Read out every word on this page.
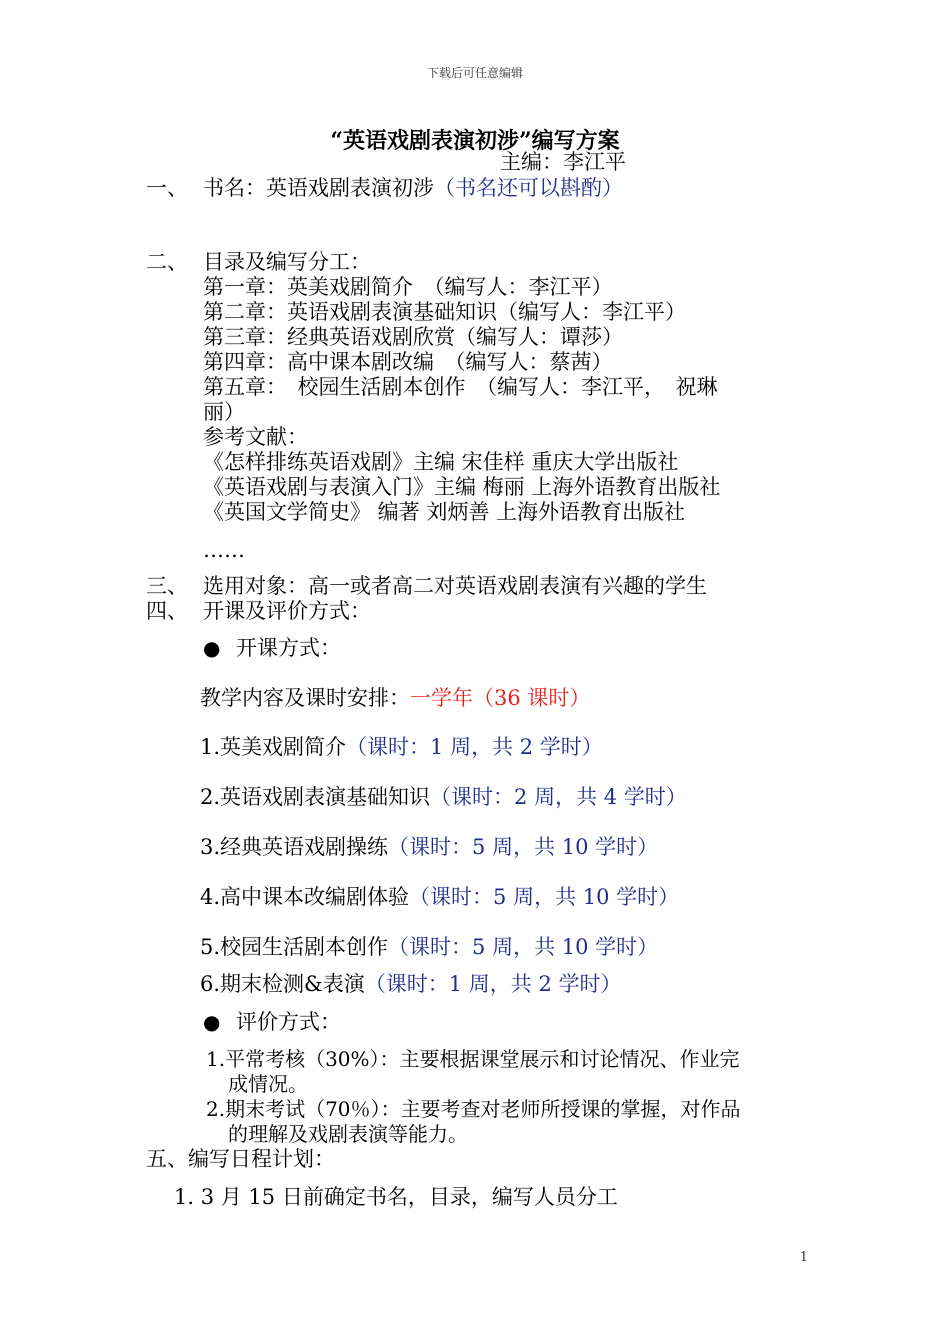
下载后可任意编辑
“英语戏剧表演初涉”编写方案
主编：李江平
一、 书名：英语戏剧表演初涉（书名还可以斟酌）
二、 目录及编写分工：
第一章：英美戏剧简介　（编写人：李江平）
第二章：英语戏剧表演基础知识（编写人：李江平）
第三章：经典英语戏剧欣赏（编写人：谭莎）
第四章：高中课本剧改编　（编写人：蔡茜）
第五章：　校园生活剧本创作　（编写人：李江平，　祝琳
丽）
参考文献：
《怎样排练英语戏剧》主编 宋佳样 重庆大学出版社
《英语戏剧与表演入门》主编 梅丽 上海外语教育出版社
《英国文学简史》 编著 刘炳善 上海外语教育出版社
……
三、 选用对象：高一或者高二对英语戏剧表演有兴趣的学生
四、 开课及评价方式：
● 开课方式：
教学内容及课时安排：一学年（36 课时）
1.英美戏剧简介（课时：1 周，共 2 学时）
2.英语戏剧表演基础知识（课时：2 周，共 4 学时）
3.经典英语戏剧操练（课时：5 周，共 10 学时）
4.高中课本改编剧体验（课时：5 周，共 10 学时）
5.校园生活剧本创作（课时：5 周，共 10 学时）
6.期末检测&表演（课时：1 周，共 2 学时）
● 评价方式：
1.平常考核（30%）：主要根据课堂展示和讨论情况、作业完
成情况。
2.期末考试（70％）：主要考查对老师所授课的掌握，对作品
的理解及戏剧表演等能力。
五、编写日程计划：
1. 3 月 15 日前确定书名，目录，编写人员分工
1
